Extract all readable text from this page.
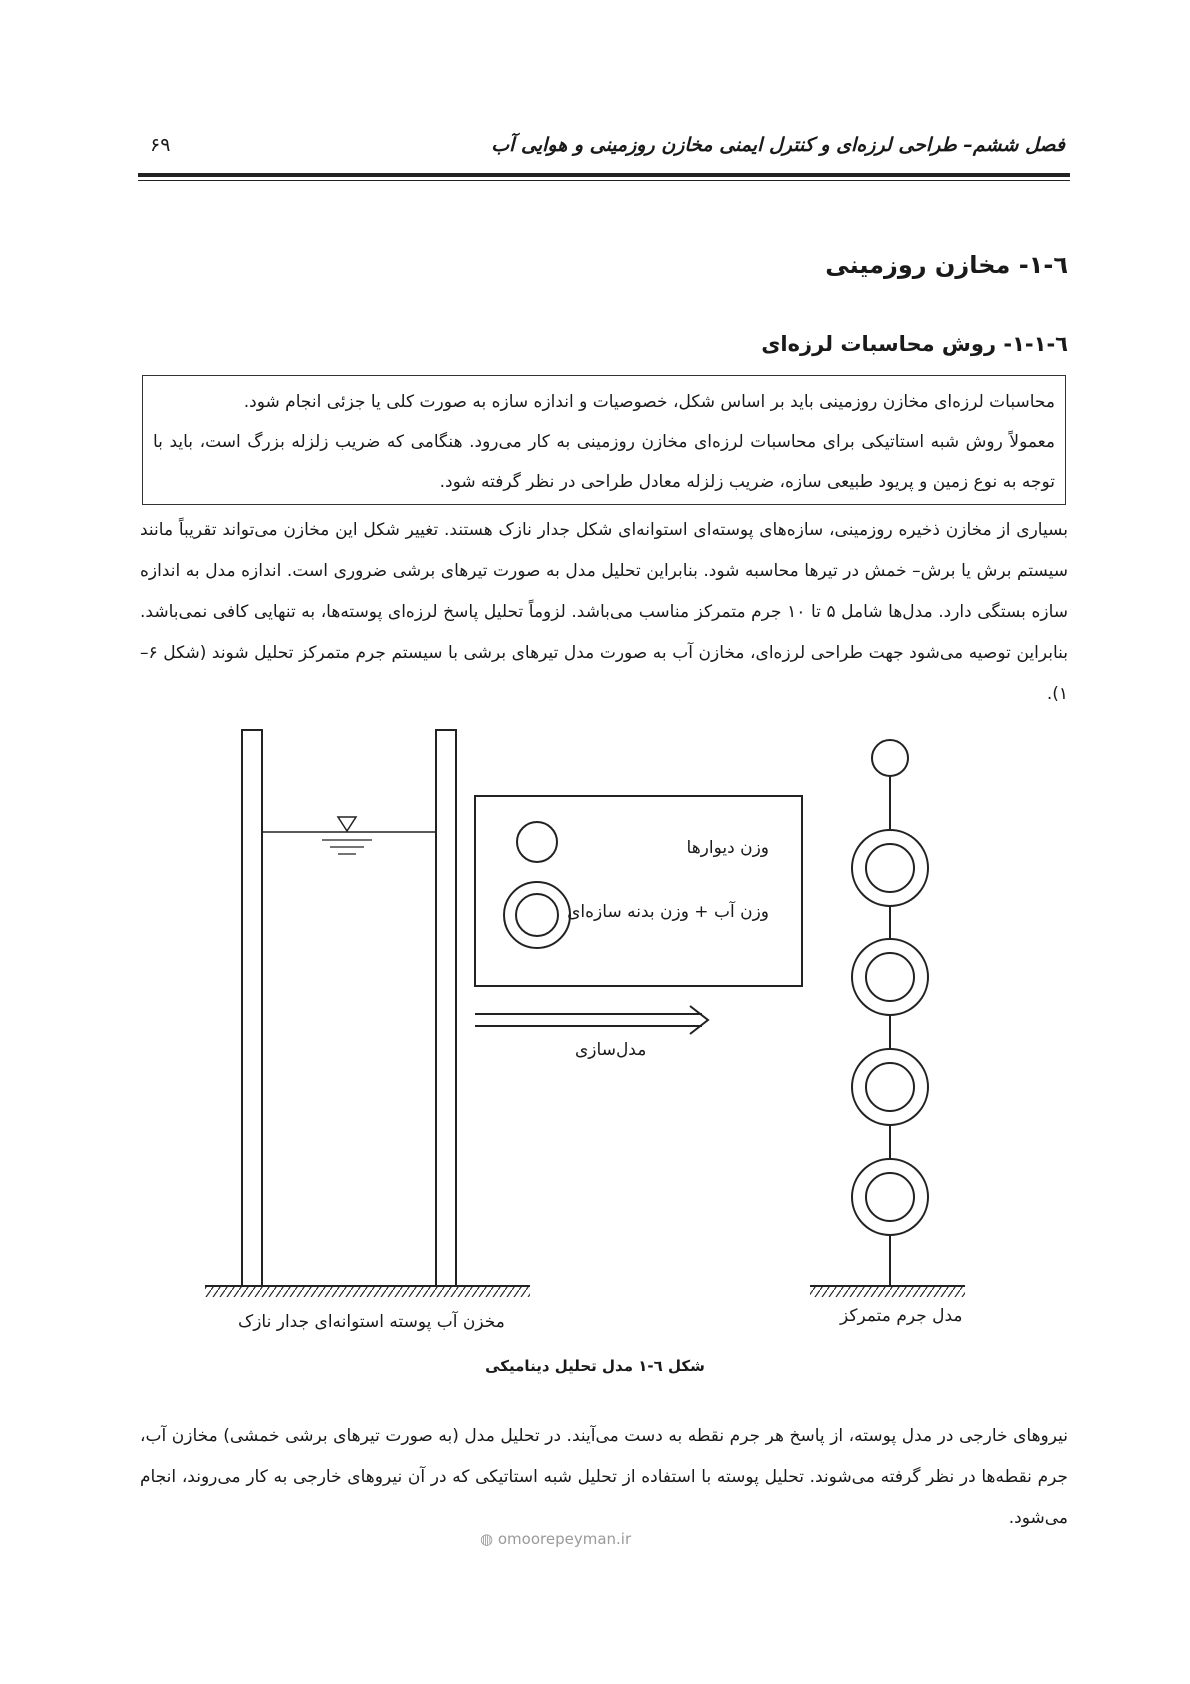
فصل ششم– طراحی لرزه‌ای و کنترل ایمنی مخازن روزمینی و هوایی آب
۶۹
٦-١- مخازن روزمینی
٦-١-١- روش محاسبات لرزه‌ای

محاسبات لرزه‌ای مخازن روزمینی باید بر اساس شکل، خصوصیات و اندازه سازه به صورت کلی یا جزئی انجام شود.

معمولاً روش شبه استاتیکی برای محاسبات لرزه‌ای مخازن روزمینی به کار می‌رود. هنگامی که ضریب زلزله بزرگ است، باید با توجه به نوع زمین و پریود طبیعی سازه، ضریب زلزله معادل طراحی در نظر گرفته شود.

بسیاری از مخازن ذخیره روزمینی، سازه‌های پوسته‌ای استوانه‌ای شکل جدار نازک هستند. تغییر شکل این مخازن می‌تواند تقریباً مانند سیستم برش یا برش– خمش در تیرها محاسبه شود. بنابراین تحلیل مدل به صورت تیرهای برشی ضروری است. اندازه مدل به اندازه سازه بستگی دارد. مدل‌ها شامل ۵ تا ۱۰ جرم متمرکز مناسب می‌باشد. لزوماً تحلیل پاسخ لرزه‌ای پوسته‌ها، به تنهایی کافی نمی‌باشد. بنابراین توصیه می‌شود جهت طراحی لرزه‌ای، مخازن آب به صورت مدل تیرهای برشی با سیستم جرم متمرکز تحلیل شوند (شکل ۶–۱).

وزن دیوارها
وزن آب + وزن بدنه سازه‌ای
مدل‌سازی
مخزن آب پوسته استوانه‌ای جدار نازک	مدل جرم متمرکز
شکل ٦-١ مدل تحلیل دینامیکی

نیروهای خارجی در مدل پوسته، از پاسخ هر جرم نقطه به دست می‌آیند. در تحلیل مدل (به صورت تیرهای برشی خمشی) مخازن آب، جرم نقطه‌ها در نظر گرفته می‌شوند. تحلیل پوسته با استفاده از تحلیل شبه استاتیکی که در آن نیروهای خارجی به کار می‌روند، انجام می‌شود.

◍ omoorepeyman.ir
